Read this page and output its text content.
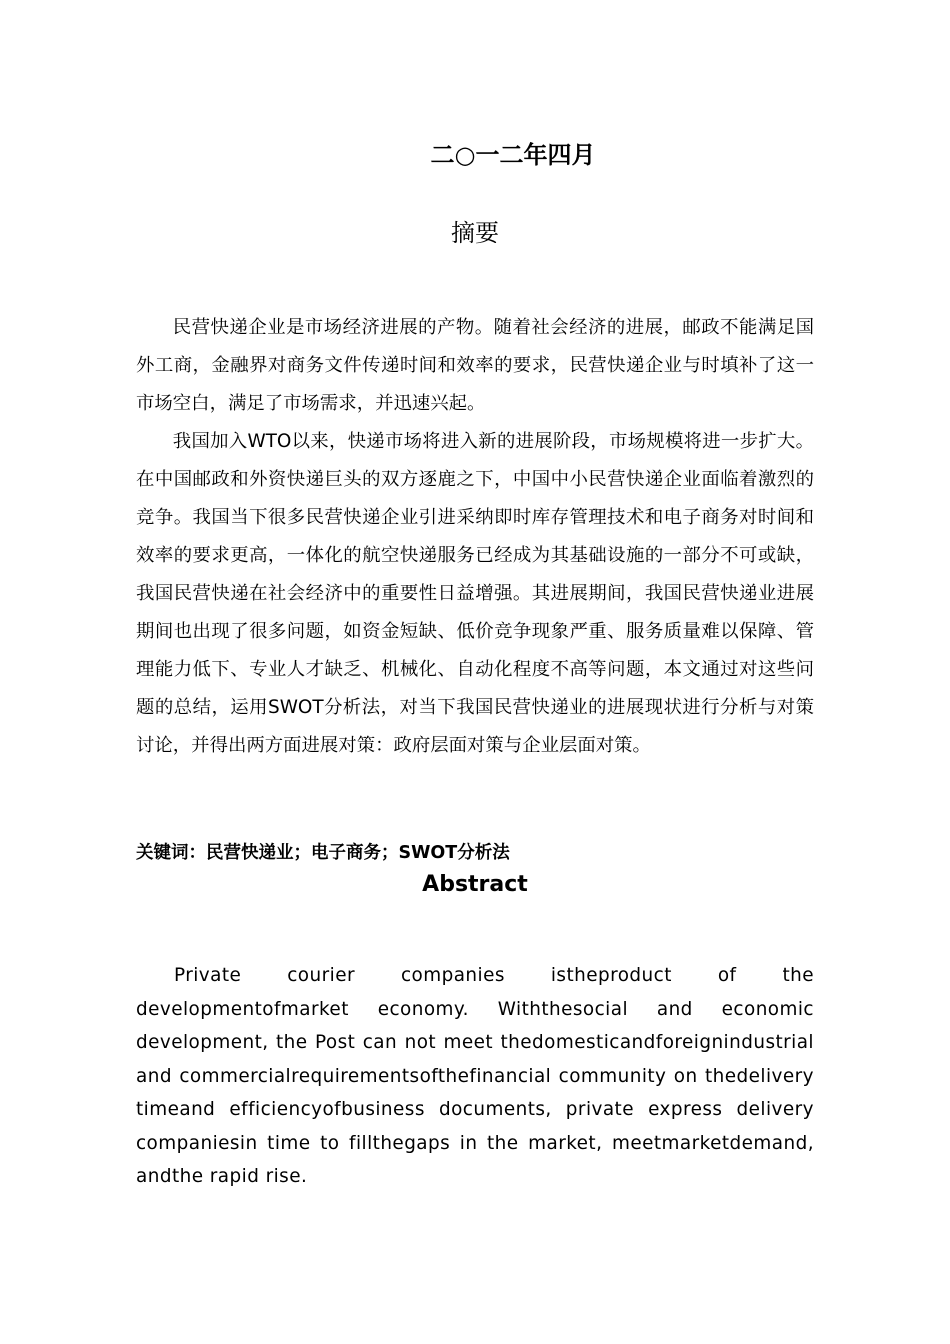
二○一二年四月
摘要

民营快递企业是市场经济进展的产物。随着社会经济的进展，邮政不能满足国外工商，金融界对商务文件传递时间和效率的要求，民营快递企业与时填补了这一市场空白，满足了市场需求，并迅速兴起。

我国加入WTO以来，快递市场将进入新的进展阶段，市场规模将进一步扩大。在中国邮政和外资快递巨头的双方逐鹿之下，中国中小民营快递企业面临着激烈的竞争。我国当下很多民营快递企业引进采纳即时库存管理技术和电子商务对时间和效率的要求更高，一体化的航空快递服务已经成为其基础设施的一部分不可或缺，我国民营快递在社会经济中的重要性日益增强。其进展期间，我国民营快递业进展期间也出现了很多问题，如资金短缺、低价竞争现象严重、服务质量难以保障、管理能力低下、专业人才缺乏、机械化、自动化程度不高等问题，本文通过对这些问题的总结，运用SWOT分析法，对当下我国民营快递业的进展现状进行分析与对策讨论，并得出两方面进展对策：政府层面对策与企业层面对策。

关键词：民营快递业；电子商务；SWOT分析法
Abstract

Private courier companies istheproduct of the developmentofmarket economy. Withthesocial and economic development, the Post can not meet thedomesticandforeignindustrial and commercialrequirementsofthefinancial community on thedelivery timeand efficiencyofbusiness documents, private express delivery companiesin time to fillthegaps in the market, meetmarketdemand, andthe rapid rise.
